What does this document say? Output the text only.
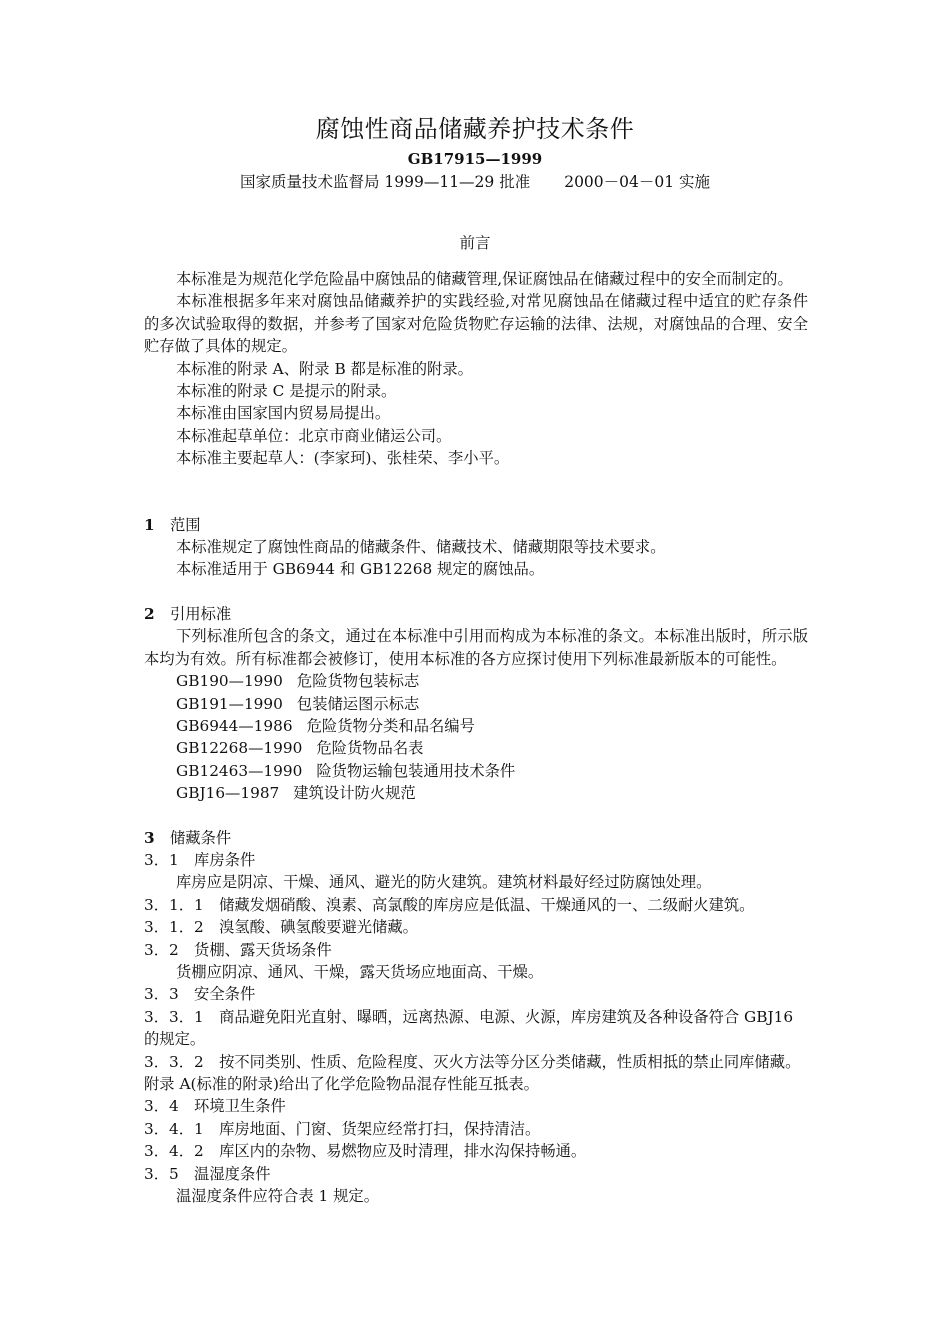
腐蚀性商品储藏养护技术条件
GB17915—1999
国家质量技术监督局 1999—11—29 批准 2000－04－01 实施
前言

本标准是为规范化学危险晶中腐蚀品的储藏管理,保证腐蚀品在储藏过程中的安全而制定的。

本标准根据多年来对腐蚀品储藏养护的实践经验,对常见腐蚀品在储藏过程中适宜的贮存条件的多次试验取得的数据，并参考了国家对危险货物贮存运输的法律、法规，对腐蚀品的合理、安全贮存做了具体的规定。

本标准的附录 A、附录 B 都是标准的附录。

本标准的附录 C 是提示的附录。

本标准由国家国内贸易局提出。

本标准起草单位：北京市商业储运公司。

本标准主要起草人：(李家珂)、张桂荣、李小平。

1 范围

本标准规定了腐蚀性商品的储藏条件、储藏技术、储藏期限等技术要求。

本标准适用于 GB6944 和 GB12268 规定的腐蚀品。

2 引用标准

下列标准所包含的条文，通过在本标准中引用而构成为本标准的条文。本标准出版时，所示版本均为有效。所有标准都会被修订，使用本标准的各方应探讨使用下列标准最新版本的可能性。

GB190—1990 危险货物包装标志

GB191—1990 包装储运图示标志

GB6944—1986 危险货物分类和品名编号

GB12268—1990 危险货物品名表

GB12463—1990 险货物运输包装通用技术条件

GBJ16—1987 建筑设计防火规范

3 储藏条件

3．1　库房条件

库房应是阴凉、干燥、通风、避光的防火建筑。建筑材料最好经过防腐蚀处理。

3．1．1　储藏发烟硝酸、溴素、高氯酸的库房应是低温、干燥通风的一、二级耐火建筑。

3．1．2　溴氢酸、碘氢酸要避光储藏。

3．2　货棚、露天货场条件

货棚应阴凉、通风、干燥，露天货场应地面高、干燥。

3．3　安全条件

3．3．1　商品避免阳光直射、曝晒，远离热源、电源、火源，库房建筑及各种设备符合 GBJ16 的规定。

3．3．2　按不同类别、性质、危险程度、灭火方法等分区分类储藏，性质相抵的禁止同库储藏。附录 A(标准的附录)给出了化学危险物品混存性能互抵表。

3．4　环境卫生条件

3．4．1　库房地面、门窗、货架应经常打扫，保持清洁。

3．4．2　库区内的杂物、易燃物应及时清理，排水沟保持畅通。

3．5　温湿度条件

温湿度条件应符合表 1 规定。
